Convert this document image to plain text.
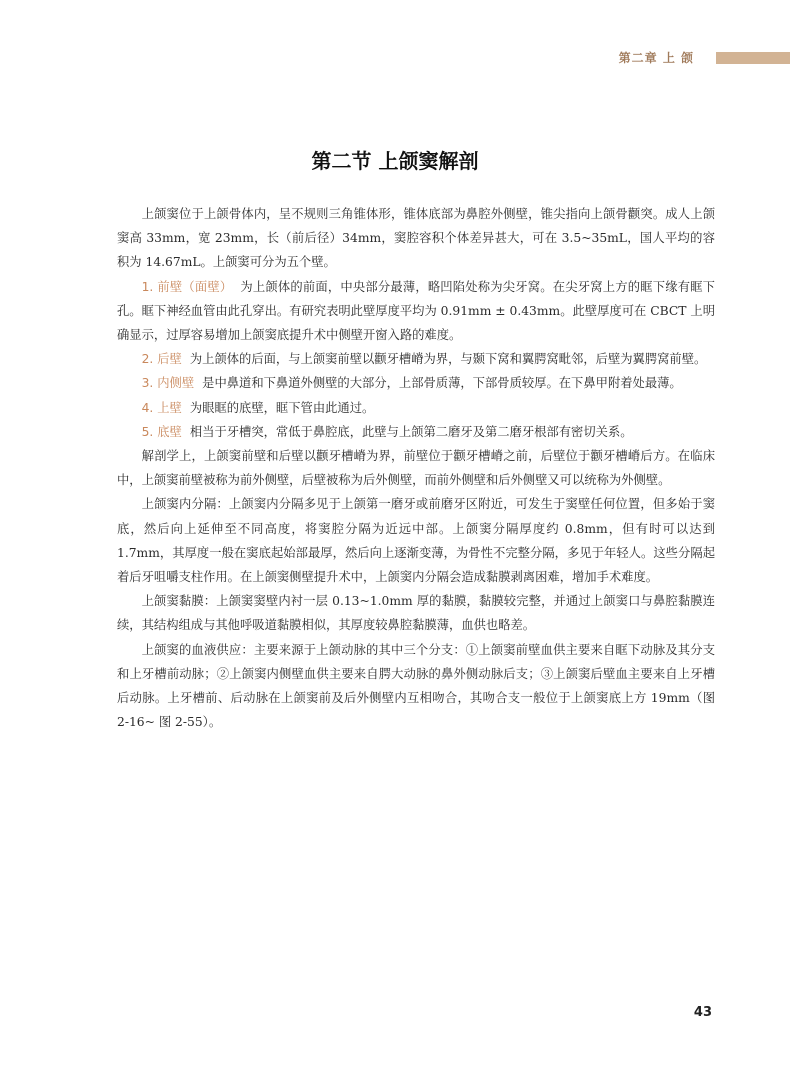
第二章 上 颌
第二节 上颌窦解剖

上颌窦位于上颌骨体内，呈不规则三角锥体形，锥体底部为鼻腔外侧壁，锥尖指向上颌骨颧突。成人上颌窦高 33mm，宽 23mm，长（前后径）34mm，窦腔容积个体差异甚大，可在 3.5~35mL，国人平均的容积为 14.67mL。上颌窦可分为五个壁。

1. 前壁（面壁） 为上颌体的前面，中央部分最薄，略凹陷处称为尖牙窝。在尖牙窝上方的眶下缘有眶下孔。眶下神经血管由此孔穿出。有研究表明此壁厚度平均为 0.91mm ± 0.43mm。此壁厚度可在 CBCT 上明确显示，过厚容易增加上颌窦底提升术中侧壁开窗入路的难度。

2. 后壁 为上颌体的后面，与上颌窦前壁以颧牙槽嵴为界，与颞下窝和翼腭窝毗邻，后壁为翼腭窝前壁。

3. 内侧壁 是中鼻道和下鼻道外侧壁的大部分，上部骨质薄，下部骨质较厚。在下鼻甲附着处最薄。

4. 上壁 为眼眶的底壁，眶下管由此通过。

5. 底壁 相当于牙槽突，常低于鼻腔底，此壁与上颌第二磨牙及第二磨牙根部有密切关系。

解剖学上，上颌窦前壁和后壁以颧牙槽嵴为界，前壁位于颧牙槽嵴之前，后壁位于颧牙槽嵴后方。在临床中，上颌窦前壁被称为前外侧壁，后壁被称为后外侧壁，而前外侧壁和后外侧壁又可以统称为外侧壁。

上颌窦内分隔：上颌窦内分隔多见于上颌第一磨牙或前磨牙区附近，可发生于窦壁任何位置，但多始于窦底，然后向上延伸至不同高度，将窦腔分隔为近远中部。上颌窦分隔厚度约 0.8mm，但有时可以达到 1.7mm，其厚度一般在窦底起始部最厚，然后向上逐渐变薄，为骨性不完整分隔，多见于年轻人。这些分隔起着后牙咀嚼支柱作用。在上颌窦侧壁提升术中，上颌窦内分隔会造成黏膜剥离困难，增加手术难度。

上颌窦黏膜：上颌窦窦壁内衬一层 0.13~1.0mm 厚的黏膜，黏膜较完整，并通过上颌窦口与鼻腔黏膜连续，其结构组成与其他呼吸道黏膜相似，其厚度较鼻腔黏膜薄，血供也略差。

上颌窦的血液供应：主要来源于上颌动脉的其中三个分支：①上颌窦前壁血供主要来自眶下动脉及其分支和上牙槽前动脉；②上颌窦内侧壁血供主要来自腭大动脉的鼻外侧动脉后支；③上颌窦后壁血主要来自上牙槽后动脉。上牙槽前、后动脉在上颌窦前及后外侧壁内互相吻合，其吻合支一般位于上颌窦底上方 19mm（图 2-16~ 图 2-55）。

43
